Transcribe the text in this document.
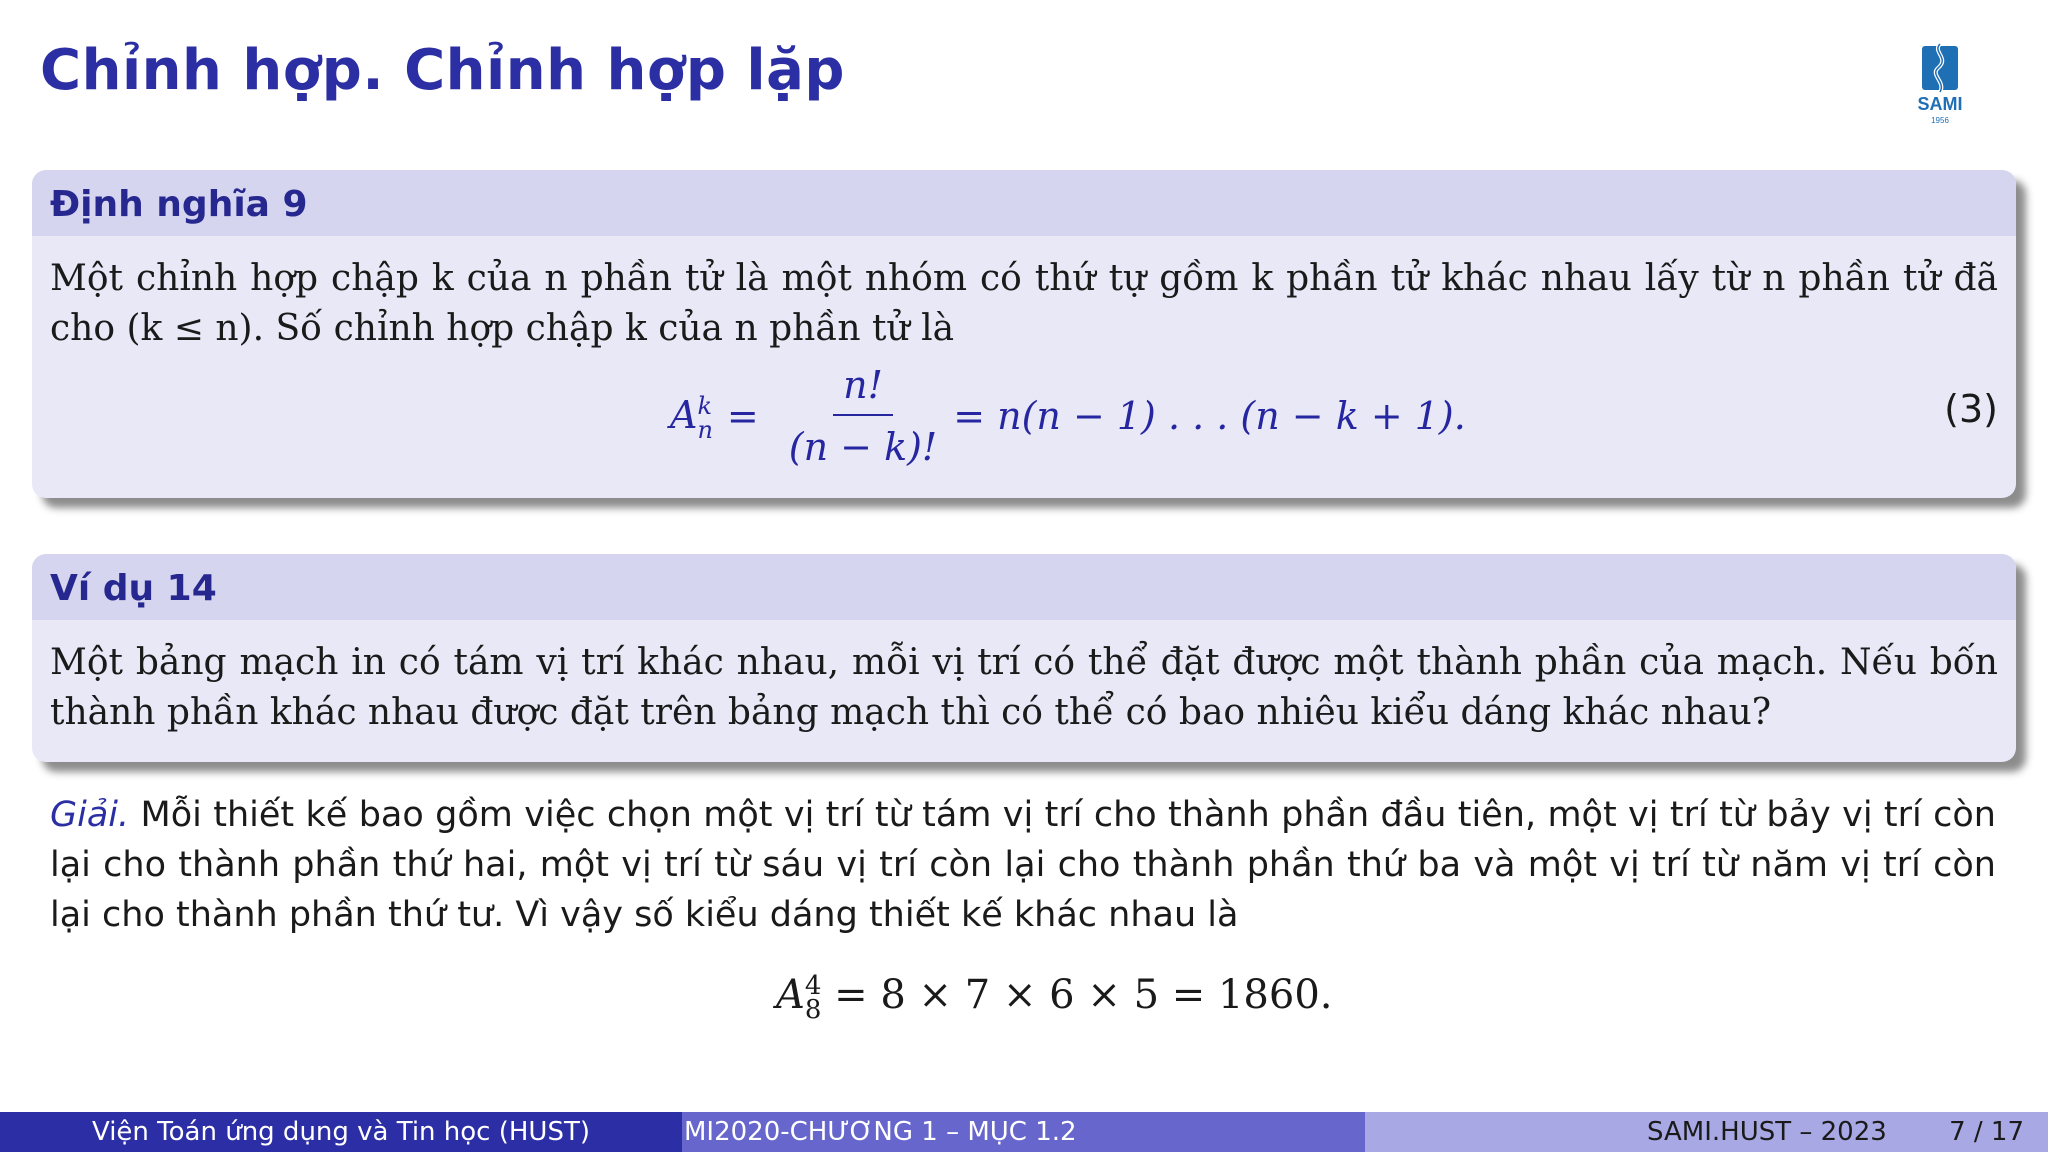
Chỉnh hợp. Chỉnh hợp lặp
SAMI
1956
Định nghĩa 9
Một chỉnh hợp chập k của n phần tử là một nhóm có thứ tự gồm k phần tử khác nhau lấy từ n phần tử đã cho (k ≤ n). Số chỉnh hợp chập k của n phần tử là
A k
$n = \frac{n!}{(n - k)!} = n(n - 1)$ . . . (n − k + 1).	(3)
Ví dụ 14
Một bảng mạch in có tám vị trí khác nhau, mỗi vị trí có thể đặt được một thành phần của mạch. Nếu bốn thành phần khác nhau được đặt trên bảng mạch thì có thể có bao nhiêu kiểu dáng khác nhau?
Giải. Mỗi thiết kế bao gồm việc chọn một vị trí từ tám vị trí cho thành phần đầu tiên, một vị trí từ bảy vị trí còn lại cho thành phần thứ hai, một vị trí từ sáu vị trí còn lại cho thành phần thứ ba và một vị trí từ năm vị trí còn lại cho thành phần thứ tư. Vì vậy số kiểu dáng thiết kế khác nhau là
A 4
8 = 8 × 7 × 6 × 5 = 1860.
Viện Toán ứng dụng và Tin học (HUST)	MI2020-CHƯƠNG 1 – MỤC 1.2	SAMI.HUST – 2023 7 / 17
